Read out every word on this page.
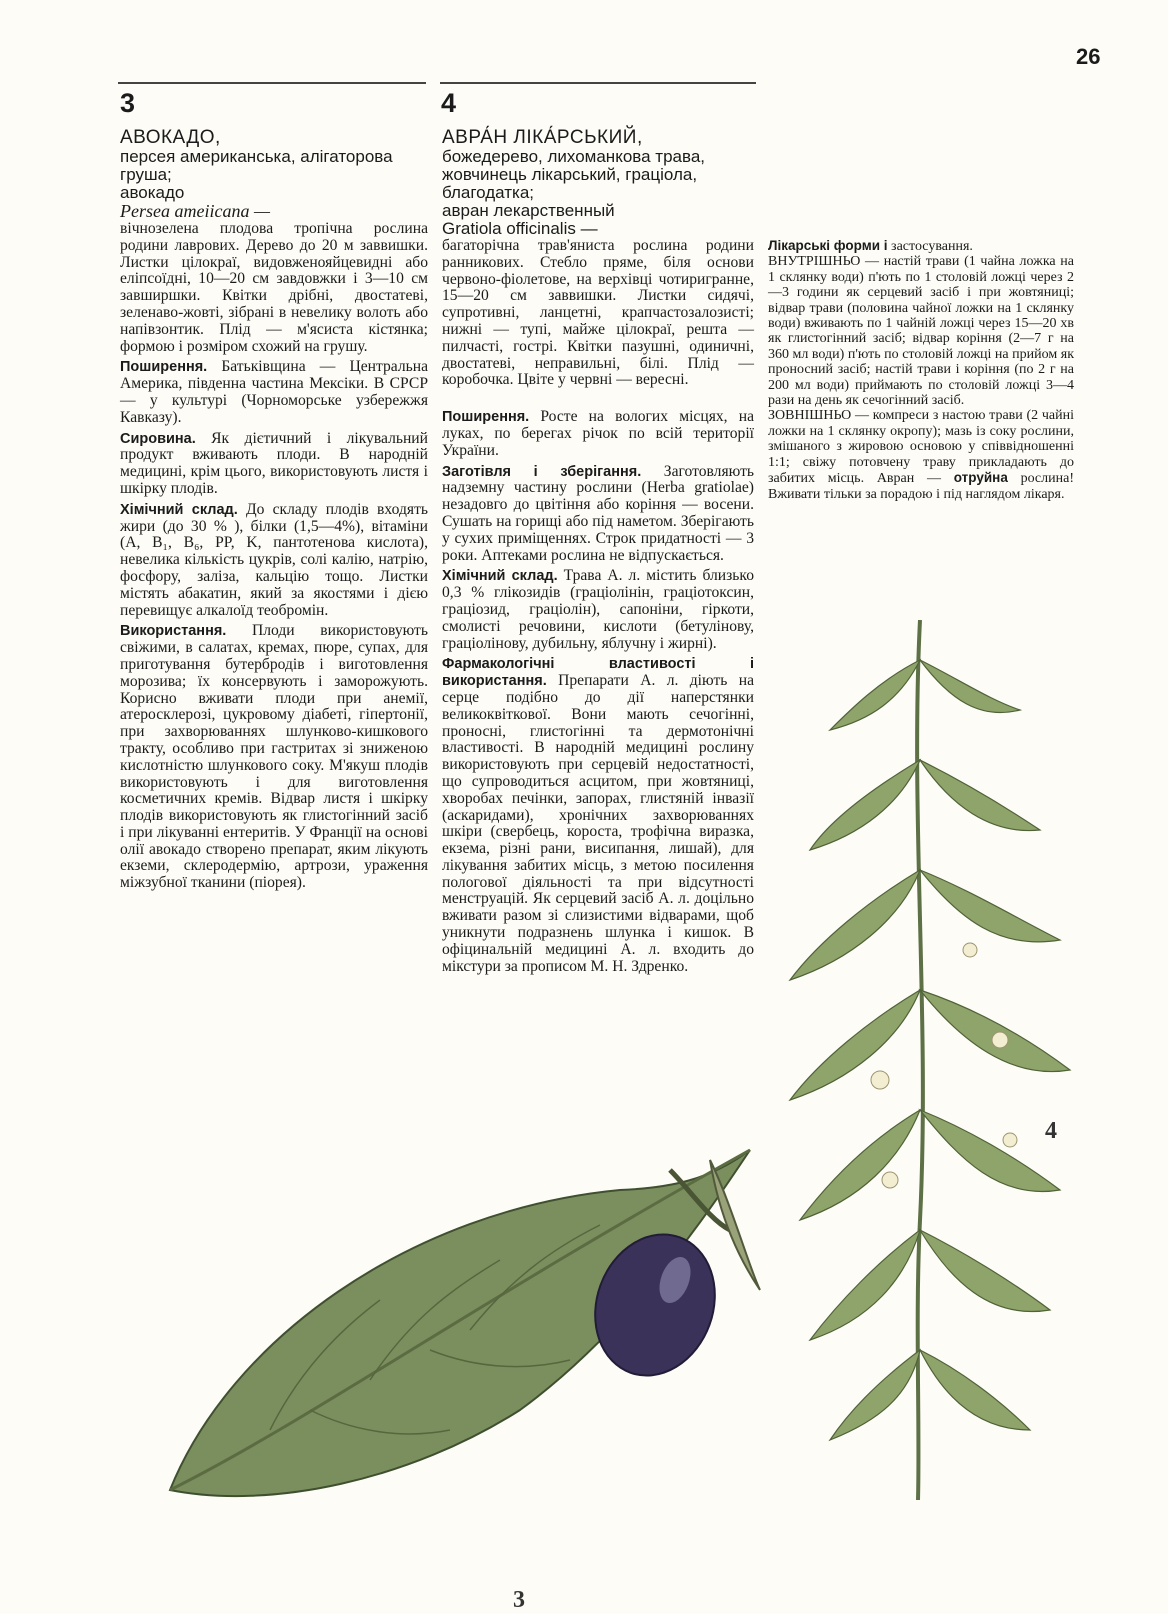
26
3	4

АВОКАДО,

персея американська, алігаторова груша;

авокадо

Persea ameiicana —

вічнозелена плодова тропічна рослина родини лаврових. Дерево до 20 м заввишки. Листки цілокраї, видовженояйцевидні або еліпсоїдні, 10—20 см завдовжки і 3—10 см завширшки. Квітки дрібні, двостатеві, зеленаво-жовті, зібрані в невелику волоть або напівзонтик. Плід — м'ясиста кістянка; формою і розміром схожий на грушу.

Поширення. Батьківщина — Центральна Америка, південна частина Мексіки. В СРСР — у культурі (Чорноморське узбережжя Кавказу).

Сировина. Як дієтичний і лікувальний продукт вживають плоди. В народній медицині, крім цього, використовують листя і шкірку плодів.

Хімічний склад. До складу плодів входять жири (до 30 % ), білки (1,5—4%), вітаміни (А, B₁, B₆, PP, K, пантотенова кислота), невелика кількість цукрів, солі калію, натрію, фосфору, заліза, кальцію тощо. Листки містять абакатин, який за якостями і дією перевищує алкалоїд теобромін.

Використання. Плоди використовують свіжими, в салатах, кремах, пюре, супах, для приготування бутербродів і виготовлення морозива; їх консервують і заморожують. Корисно вживати плоди при анемії, атеросклерозі, цукровому діабеті, гіпертонії, при захворюваннях шлунково-кишкового тракту, особливо при гастритах зі зниженою кислотністю шлункового соку. М'якуш плодів використовують і для виготовлення косметичних кремів. Відвар листя і шкірку плодів використовують як глистогінний засіб і при лікуванні ентеритів. У Франції на основі олії авокадо створено препарат, яким лікують екземи, склеродермію, артрози, ураження міжзубної тканини (піорея).

АВРА́Н ЛІКА́РСЬКИЙ,

божедерево, лихоманкова трава, жовчинець лікарський, граціола, благодатка;

авран лекарственный

Gratiola officinalis —

багаторічна трав'яниста рослина родини ранникових. Стебло пряме, біля основи червоно-фіолетове, на верхівці чотиригранне, 15—20 см заввишки. Листки сидячі, супротивні, ланцетні, крапчастозалозисті; нижні — тупі, майже цілокраї, решта — пилчасті, гострі. Квітки пазушні, одиничні, двостатеві, неправильні, білі. Плід — коробочка. Цвіте у червні — вересні.

Поширення. Росте на вологих місцях, на луках, по берегах річок по всій території України.

Заготівля і зберігання. Заготовляють надземну частину рослини (Herba gratiolae) незадовго до цвітіння або коріння — восени. Сушать на горищі або під наметом. Зберігають у сухих приміщеннях. Строк придатності — 3 роки. Аптеками рослина не відпускається.

Хімічний склад. Трава А. л. містить близько 0,3 % глікозидів (граціолінін, граціотоксин, граціозид, граціолін), сапоніни, гіркоти, смолисті речовини, кислоти (бетулінову, граціолінову, дубильну, яблучну і жирні).

Фармакологічні властивості і використання. Препарати А. л. діють на серце подібно до дії наперстянки великоквіткової. Вони мають сечогінні, проносні, глистогінні та дермотонічні властивості. В народній медицині рослину використовують при серцевій недостатності, що супроводиться асцитом, при жовтяниці, хворобах печінки, запорах, глистяній інвазії (аскаридами), хронічних захворюваннях шкіри (свербець, короста, трофічна виразка, екзема, різні рани, висипання, лишай), для лікування забитих місць, з метою посилення пологової діяльності та при відсутності менструацій. Як серцевий засіб А. л. доцільно вживати разом зі слизистими відварами, щоб уникнути подразнень шлунка і кишок. В офіцинальній медицині А. л. входить до мікстури за прописом М. Н. Здренко.

Лікарські форми і застосування.

ВНУТРІШНЬО — настій трави (1 чайна ложка на 1 склянку води) п'ють по 1 столовій ложці через 2—3 години як серцевий засіб і при жовтяниці; відвар трави (половина чайної ложки на 1 склянку води) вживають по 1 чайній ложці через 15—20 хв як глистогінний засіб; відвар коріння (2—7 г на 360 мл води) п'ють по столовій ложці на прийом як проносний засіб; настій трави і коріння (по 2 г на 200 мл води) приймають по столовій ложці 3—4 рази на день як сечогінний засіб.

ЗОВНІШНЬО — компреси з настою трави (2 чайні ложки на 1 склянку окропу); мазь із соку рослини, змішаного з жировою основою у співвідношенні 1:1; свіжу потовчену траву прикладають до забитих місць. Авран — отруйна рослина! Вживати тільки за порадою і під наглядом лікаря.

3
4
